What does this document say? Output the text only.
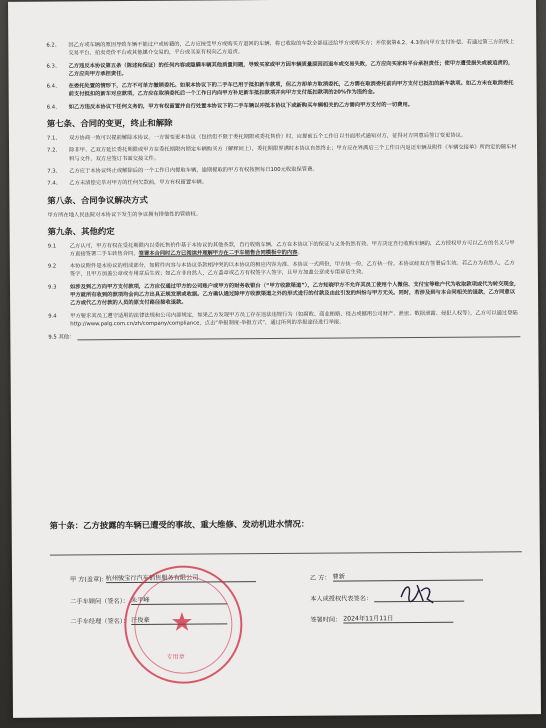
6.2、	因乙方或车辆的原因导致车辆不能过户或转籍的，乙方应按受甲方或购买方退回的车辆，将已收取的车款全部返还给甲方或购买方；并依据第4.2、4.3条向甲方支付补偿。若通过第三方的线上交易平台、拍卖竞价平台或其他媒介交易的，平台或买家有权向乙方追责。
6.3、	乙方违反本协议第五条（陈述和保证）的任何内容或隐瞒车辆其他质量问题，导致买家或甲方因车辆质量原因而退车或交易失败，乙方应向买家和平台承担责任；使甲方遭受损失或被追责的，乙方应向甲方承担责任。
6.4、	在委托处置的情形下，乙方不可单方撤销委托。如果本协议下的二手车已用于抵扣新车款项，但乙方却单方取消委托，乙方需在取消委托前向甲方支付已抵扣的新车款项。如乙方未在取消委托前支付抵扣的新车对应款项，乙方应在取消委托后一个工作日内向甲方补足新车抵扣款项并向甲方支付抵扣款项的20%作为违约金。
6.4、	如乙方违反本协议下任何义务的，甲方有权留置并自行处置本协议下的二手车辆以冲抵本协议下或新购买车辆相关的乙方需向甲方支付的一切费用。
第七条、合同的变更，终止和解除
7.1、	双方协商一致可以提前解除本协议。一方需变更本协议（包括但不限于委托期限或委托售价）时，应提前五个工作日以书面形式通知对方，征得对方同意后签订变更协议。
7.2、	除非甲、乙双方延长委托期限或甲方在委托期限内锁定车辆购买方（解释同上），委托期限界满时本协议自然终止；甲方应在界满后三个工作日内返还车辆及附件《车辆交接单》所约定的随车材料与文件，双方应签订书面交接文件。
7.3、	乙方应于本协议终止或解除后的一个工作日内提取车辆，逾期提取的甲方有权按照每日100元收取保管费。
7.4、	乙方未清偿完毕对甲方的任何欠款前，甲方有权留置车辆。
第八条、合同争议解决方式
甲方所在地人民法院对本协议下发生的争议拥有排他性的管辖权。
第九条、其他约定
9.1	乙方认可，甲方有权在受托期限内以委托售价作基于本协议的其他条款，自行收购车辆，乙方在本协议下的保证与义务仍然有效。甲方决定自行收购车辆的，乙方授权甲方可以乙方的名义与甲方直接签署二手车转售合同，签署本合同时乙方已阅读并理解甲方在二手车销售合同模板中的内容。
9.2	本协议附件是本协议的组成部分，如附件内容与本协议条款相冲突的以本协议的相应内容为准。本协议一式两份，甲方执一份，乙方执一份。本协议经双方签署后生效。若乙方为自然人，乙方签字，且甲方加盖公章或专用章后生效；如乙方非自然人，乙方盖章或乙方有权签字人签字，且甲方加盖公章或专用章后生效。
9.3	如涉及到乙方向甲方支付款项，乙方应仅通过甲方的公司账户或甲方的财务收银台（“甲方收款渠道”），乙方知晓甲方不允许其员工使用个人微信、支付宝等账户代为收取款项或代为转交现金，甲方就所有收到的款项均会向乙方出具正规发票或收据。乙方确认通过除甲方收款渠道之外的形式进行的付款及由此引发的纠纷与甲方无关。同时，若涉及到与本合同相关的退款，乙方同意以乙方或代乙方付款的人员的原支付路径接收退款。
9.4	甲方要求其员工遵守适用的法律法规和公司内部规定，如果乙方发现甲方员工存在违法违规行为（如腐败、商业贿赂、侵占或挪用公司财产、泄密、数据泄露、侵犯人权等），乙方可以通过登陆http://www.palg.com.cn/zh/company/compliance，点击“举报制度-举报方式”，通过所列的举报途径进行举报。
9.5 其他：
第十条：乙方披露的车辆已遭受的事故、重大维修、发动机进水情况：
甲 方(盖章): 杭州骏宝行汽车销售服务有限公司
二手车顾问（签名）： 朱平峰
二手车经理（签名）： 汪俊豪
乙 方： 曹新
本人或授权代表签名：
签署时间： 2024年11月11日
★
专用章
